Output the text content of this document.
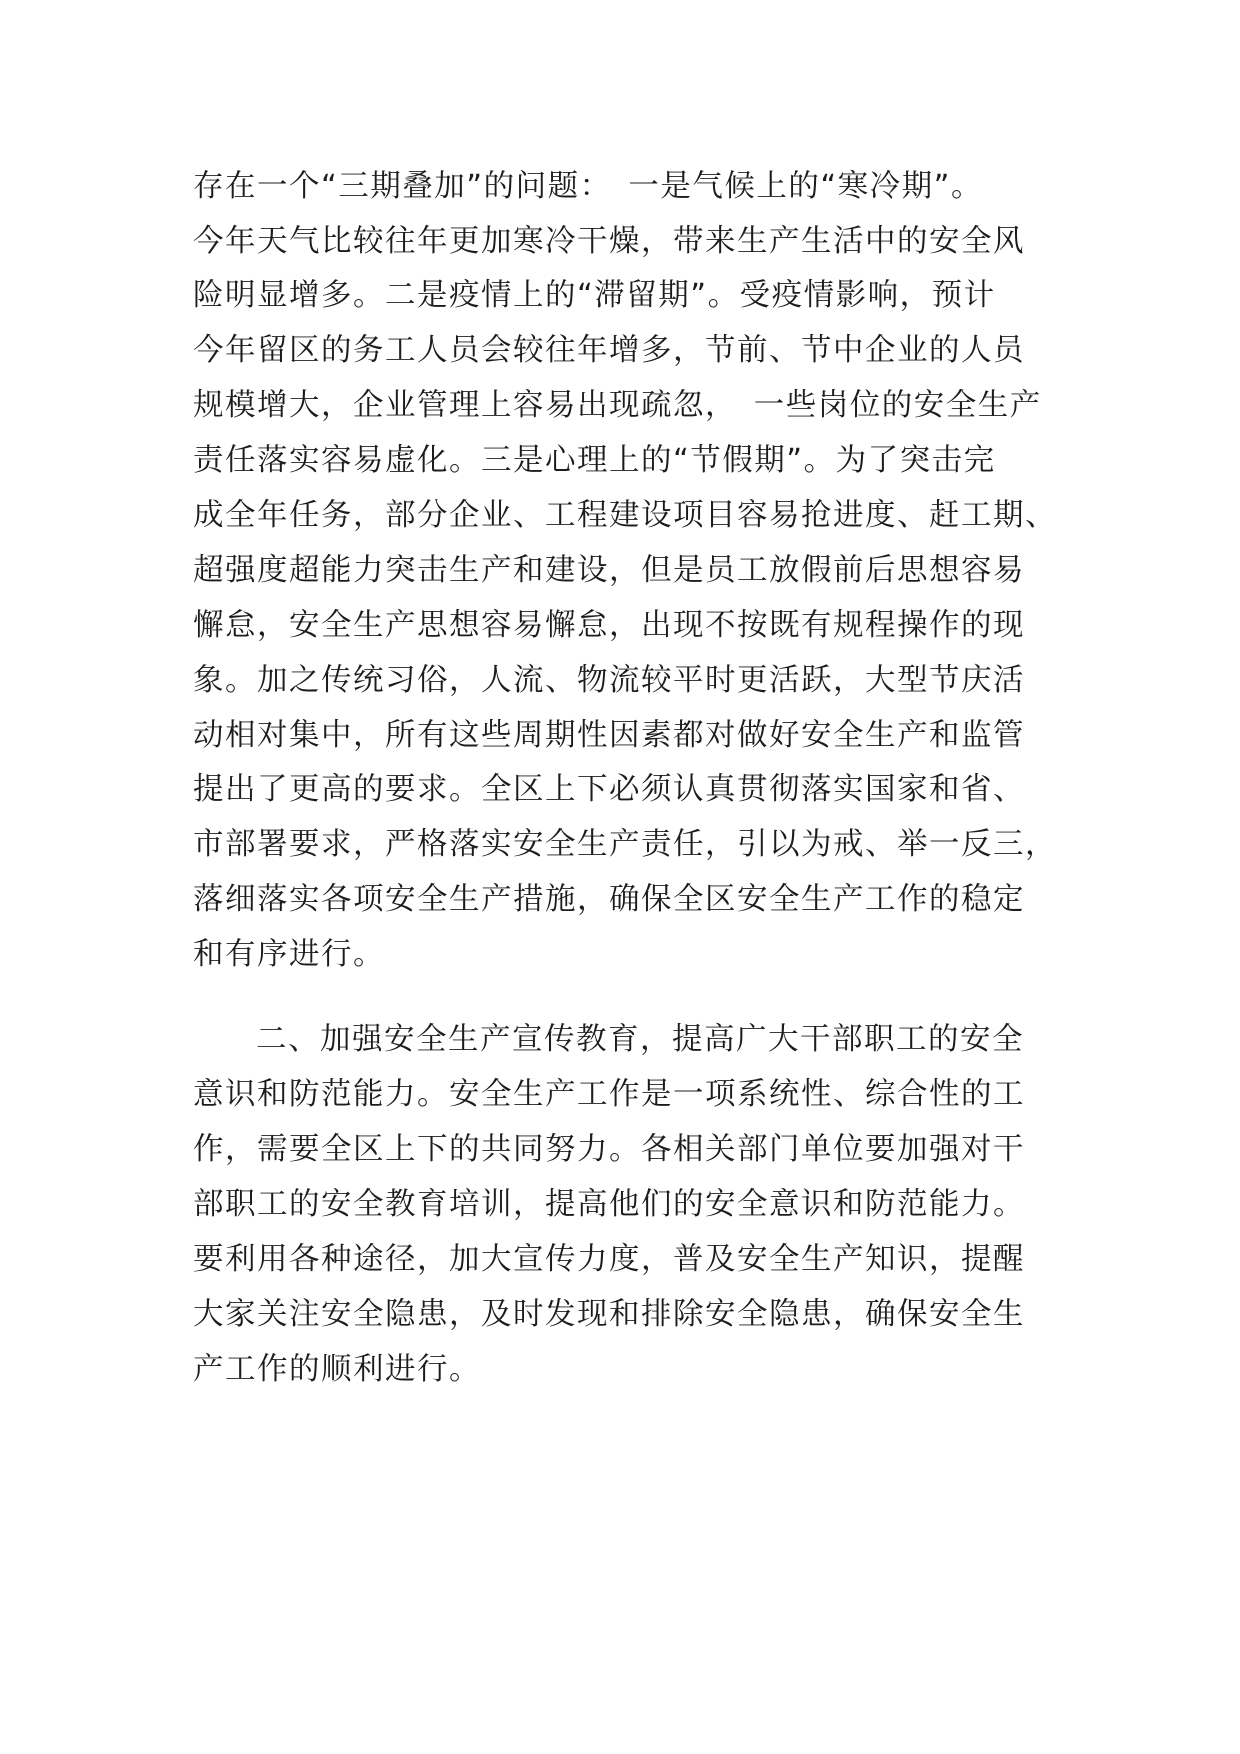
存在一个“三期叠加”的问题：　一是气候上的“寒冷期”。
今年天气比较往年更加寒冷干燥，带来生产生活中的安全风
险明显增多。二是疫情上的“滞留期”。受疫情影响，预计
今年留区的务工人员会较往年增多，节前、节中企业的人员
规模增大，企业管理上容易出现疏忽，　一些岗位的安全生产
责任落实容易虚化。三是心理上的“节假期”。为了突击完
成全年任务，部分企业、工程建设项目容易抢进度、赶工期、
超强度超能力突击生产和建设，但是员工放假前后思想容易
懈怠，安全生产思想容易懈怠，出现不按既有规程操作的现
象。加之传统习俗，人流、物流较平时更活跃，大型节庆活
动相对集中，所有这些周期性因素都对做好安全生产和监管
提出了更高的要求。全区上下必须认真贯彻落实国家和省、
市部署要求，严格落实安全生产责任，引以为戒、举一反三，
落细落实各项安全生产措施，确保全区安全生产工作的稳定
和有序进行。
二、加强安全生产宣传教育，提高广大干部职工的安全
意识和防范能力。安全生产工作是一项系统性、综合性的工
作，需要全区上下的共同努力。各相关部门单位要加强对干
部职工的安全教育培训，提高他们的安全意识和防范能力。
要利用各种途径，加大宣传力度，普及安全生产知识，提醒
大家关注安全隐患，及时发现和排除安全隐患，确保安全生
产工作的顺利进行。
